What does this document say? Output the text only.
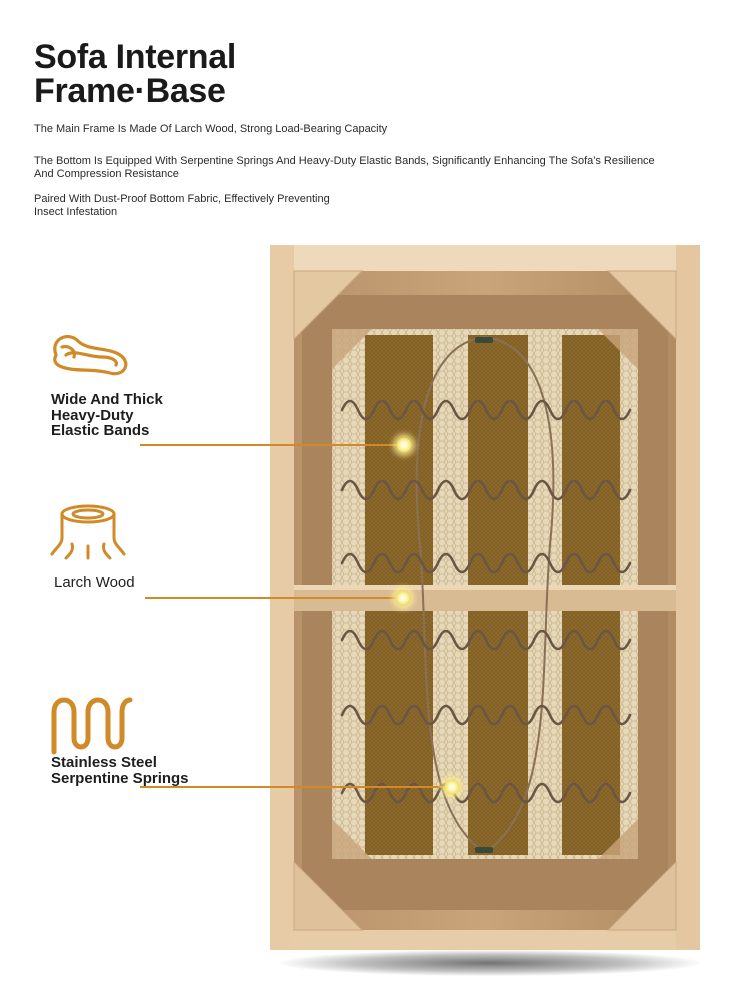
Sofa Internal
Frame·Base

The Main Frame Is Made Of Larch Wood, Strong Load-Bearing Capacity

The Bottom Is Equipped With Serpentine Springs And Heavy-Duty Elastic Bands, Significantly Enhancing The Sofa's Resilience
And Compression Resistance

Paired With Dust-Proof Bottom Fabric, Effectively Preventing
Insect Infestation

Wide And Thick
Heavy-Duty
Elastic Bands

Larch Wood

Stainless Steel
Serpentine Springs
